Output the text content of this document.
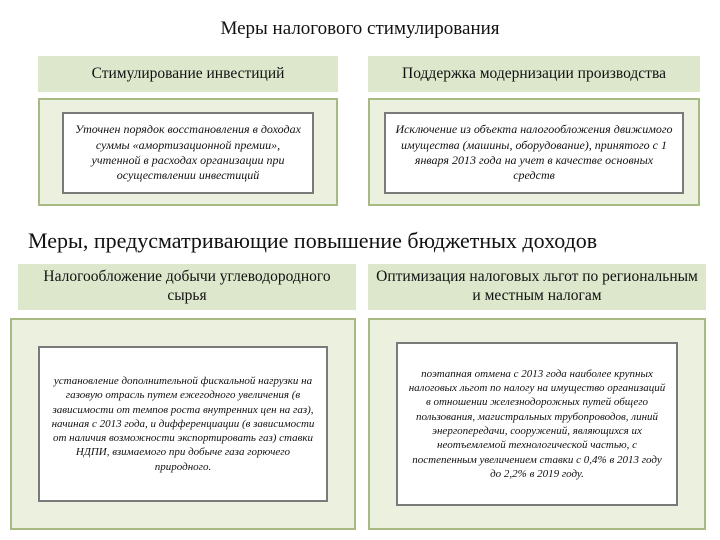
Меры налогового стимулирования
Стимулирование инвестиций	Поддержка модернизации производства
Уточнен порядок восстановления в доходах суммы «амортизационной премии», учтенной в расходах организации при осуществлении инвестиций
Исключение из объекта налогообложения движимого имущества (машины, оборудование), принятого с 1 января 2013 года на учет в качестве основных средств
Меры, предусматривающие повышение бюджетных доходов
Налогообложение добычи углеводородного сырья
Оптимизация налоговых льгот по региональным и местным налогам
установление дополнительной фискальной нагрузки на газовую отрасль путем ежегодного увеличения (в зависимости от темпов роста внутренних цен на газ), начиная с 2013 года, и дифференциации (в зависимости от наличия возможности экспортировать газ) ставки НДПИ, взимаемого при добыче газа горючего природного.
поэтапная отмена с 2013 года наиболее крупных налоговых льгот по налогу на имущество организаций в отношении железнодорожных путей общего пользования, магистральных трубопроводов, линий энергопередачи, сооружений, являющихся их неотъемлемой технологической частью, с постепенным увеличением ставки с 0,4% в 2013 году до 2,2% в 2019 году.
